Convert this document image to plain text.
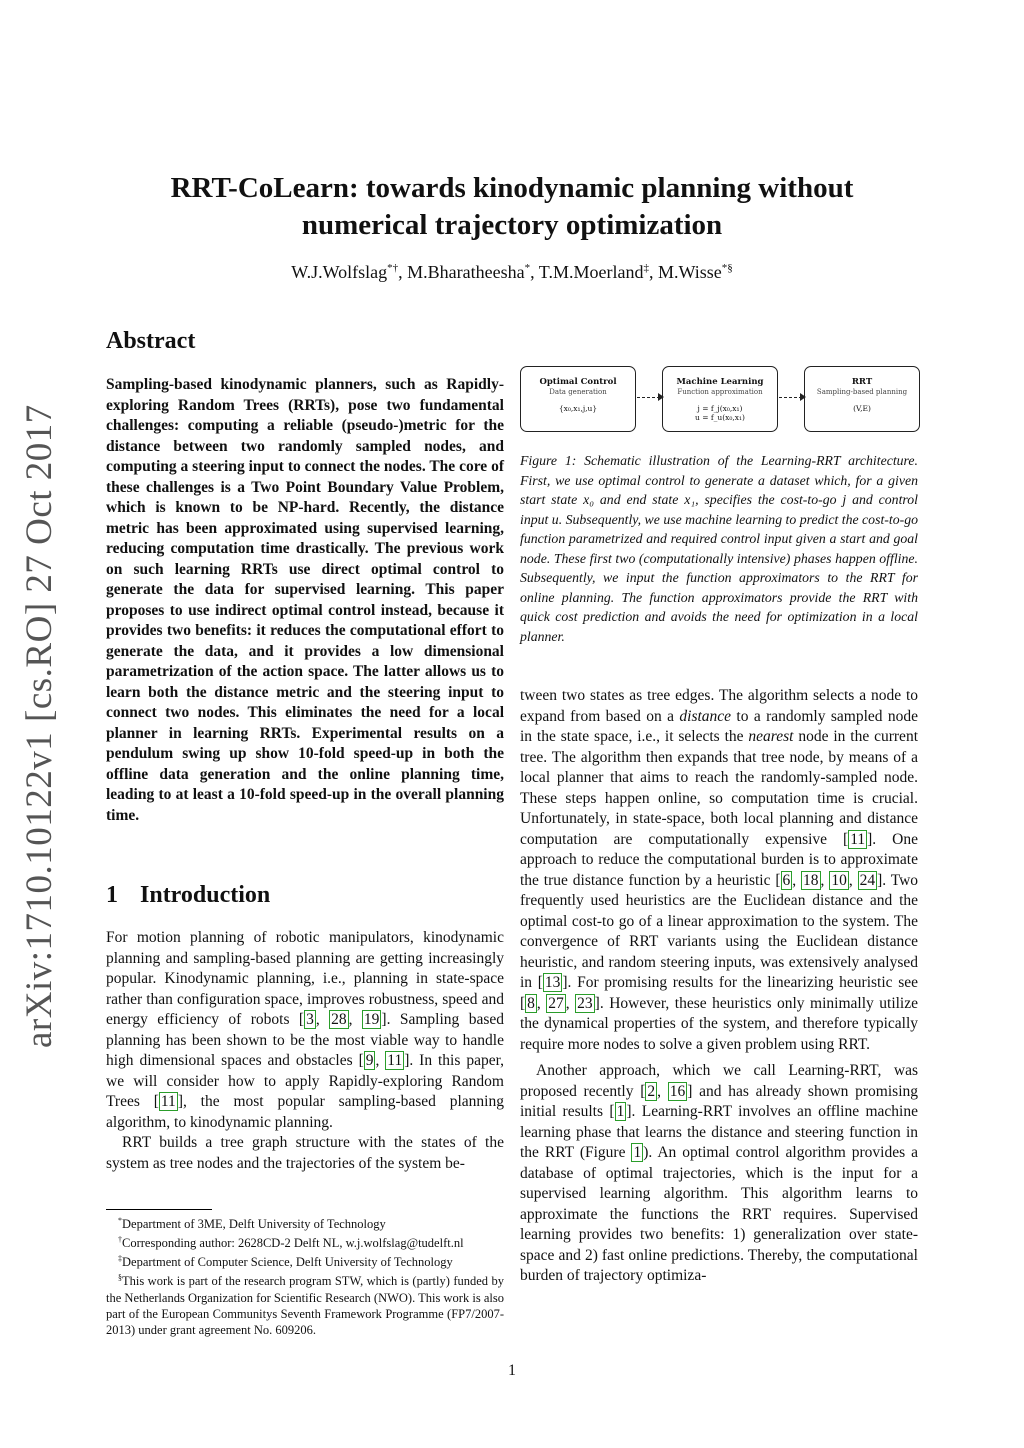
RRT-CoLearn: towards kinodynamic planning without
numerical trajectory optimization
W.J.Wolfslag*†, M.Bharatheesha*, T.M.Moerland‡, M.Wisse*§
arXiv:1710.10122v1 [cs.RO] 27 Oct 2017
Abstract
Sampling-based kinodynamic planners, such as Rapidly-exploring Random Trees (RRTs), pose two fundamental challenges: computing a reliable (pseudo-)metric for the distance between two randomly sampled nodes, and computing a steering input to connect the nodes. The core of these challenges is a Two Point Boundary Value Problem, which is known to be NP-hard. Recently, the distance metric has been approximated using supervised learning, reducing computation time drastically. The previous work on such learning RRTs use direct optimal control to generate the data for supervised learning. This paper proposes to use indirect optimal control instead, because it provides two benefits: it reduces the computational effort to generate the data, and it provides a low dimensional parametrization of the action space. The latter allows us to learn both the distance metric and the steering input to connect two nodes. This eliminates the need for a local planner in learning RRTs. Experimental results on a pendulum swing up show 10-fold speed-up in both the offline data generation and the online planning time, leading to at least a 10-fold speed-up in the overall planning time.
1 Introduction

For motion planning of robotic manipulators, kinodynamic planning and sampling-based planning are getting increasingly popular. Kinodynamic planning, i.e., planning in state-space rather than configuration space, improves robustness, speed and energy efficiency of robots [ 3 , 28 , 19 ]. Sampling based planning has been shown to be the most viable way to handle high dimensional spaces and obstacles [ 9 , 11 ]. In this paper, we will consider how to apply Rapidly-exploring Random Trees [ 11 ], the most popular sampling-based planning algorithm, to kinodynamic planning.

RRT builds a tree graph structure with the states of the system as tree nodes and the trajectories of the system be-

Optimal Control
Data generation
{x₀,x₁,j,u}
Machine Learning
Function approximation
j = f_j(x₀,x₁)
u = f_u(x₀,x₁)
RRT
Sampling-based planning
(V,E)
Figure 1: Schematic illustration of the Learning-RRT architecture. First, we use optimal control to generate a dataset which, for a given start state x₀ and end state x₁, specifies the cost-to-go j and control input u. Subsequently, we use machine learning to predict the cost-to-go function parametrized and required control input given a start and goal node. These first two (computationally intensive) phases happen offline. Subsequently, we input the function approximators to the RRT for online planning. The function approximators provide the RRT with quick cost prediction and avoids the need for optimization in a local planner.

tween two states as tree edges. The algorithm selects a node to expand from based on a distance to a randomly sampled node in the state space, i.e., it selects the nearest node in the current tree. The algorithm then expands that tree node, by means of a local planner that aims to reach the randomly-sampled node. These steps happen online, so computation time is crucial. Unfortunately, in state-space, both local planning and distance computation are computationally expensive [ 11 ]. One approach to reduce the computational burden is to approximate the true distance function by a heuristic [ 6 , 18 , 10 , 24 ]. Two frequently used heuristics are the Euclidean distance and the optimal cost-to go of a linear approximation to the system. The convergence of RRT variants using the Euclidean distance heuristic, and random steering inputs, was extensively analysed in [ 13 ]. For promising results for the linearizing heuristic see [ 8 , 27 , 23 ]. However, these heuristics only minimally utilize the dynamical properties of the system, and therefore typically require more nodes to solve a given problem using RRT.

Another approach, which we call Learning-RRT, was proposed recently [ 2 , 16 ] and has already shown promising initial results [ 1 ]. Learning-RRT involves an offline machine learning phase that learns the distance and steering function in the RRT (Figure 1 ). An optimal control algorithm provides a database of optimal trajectories, which is the input for a supervised learning algorithm. This algorithm learns to approximate the functions the RRT requires. Supervised learning provides two benefits: 1) generalization over state-space and 2) fast online predictions. Thereby, the computational burden of trajectory optimiza-

*Department of 3ME, Delft University of Technology

†Corresponding author: 2628CD-2 Delft NL, w.j.wolfslag@tudelft.nl

‡Department of Computer Science, Delft University of Technology

§This work is part of the research program STW, which is (partly) funded by the Netherlands Organization for Scientific Research (NWO). This work is also part of the European Communitys Seventh Framework Programme (FP7/2007-2013) under grant agreement No. 609206.

1
